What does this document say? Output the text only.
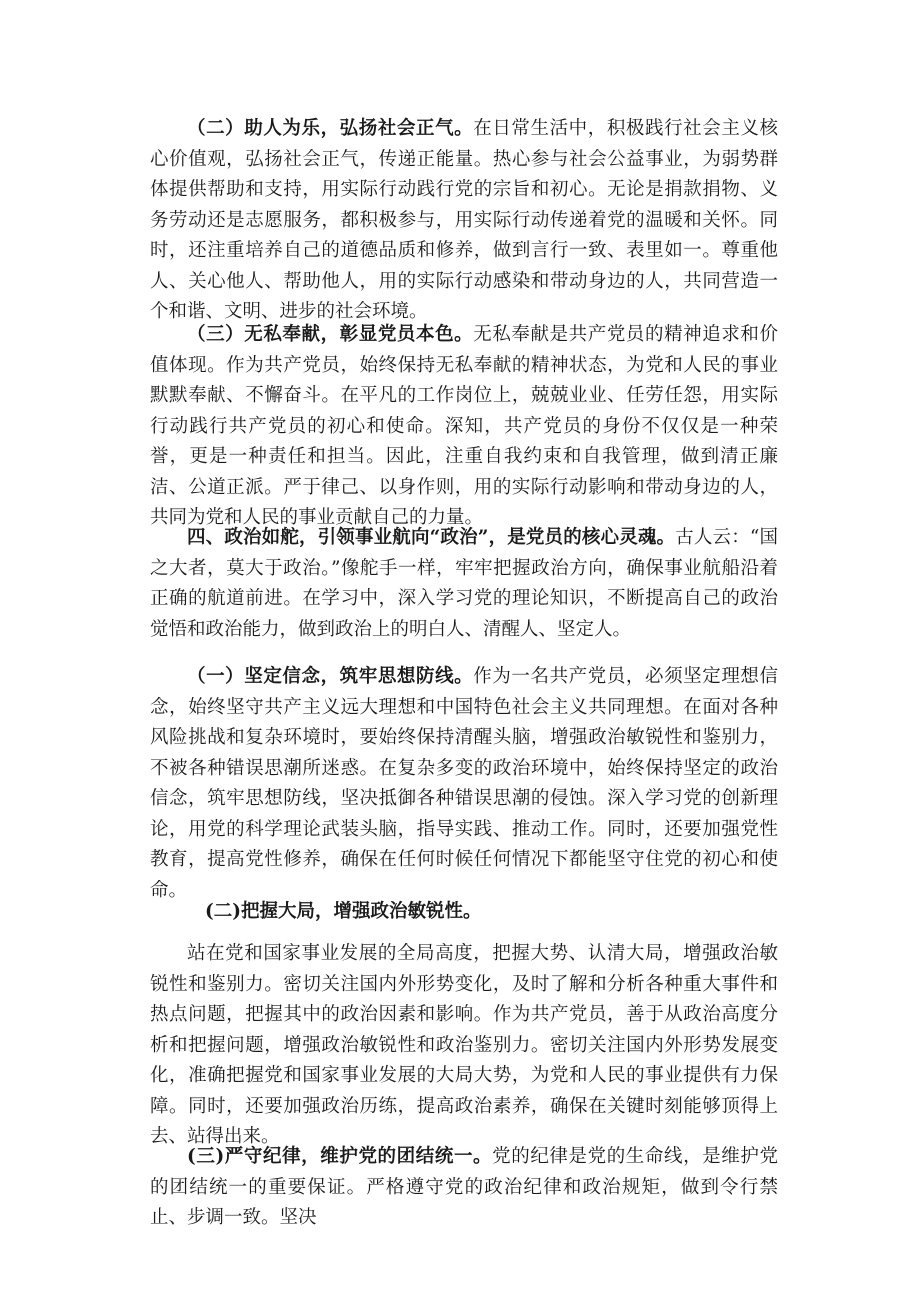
（二）助人为乐，弘扬社会正气。在日常生活中，积极践行社会主义核心价值观，弘扬社会正气，传递正能量。热心参与社会公益事业，为弱势群体提供帮助和支持，用实际行动践行党的宗旨和初心。无论是捐款捐物、义务劳动还是志愿服务，都积极参与，用实际行动传递着党的温暖和关怀。同时，还注重培养自己的道德品质和修养，做到言行一致、表里如一。尊重他人、关心他人、帮助他人，用的实际行动感染和带动身边的人，共同营造一个和谐、文明、进步的社会环境。

（三）无私奉献，彰显党员本色。无私奉献是共产党员的精神追求和价值体现。作为共产党员，始终保持无私奉献的精神状态，为党和人民的事业默默奉献、不懈奋斗。在平凡的工作岗位上，兢兢业业、任劳任怨，用实际行动践行共产党员的初心和使命。深知，共产党员的身份不仅仅是一种荣誉，更是一种责任和担当。因此，注重自我约束和自我管理，做到清正廉洁、公道正派。严于律己、以身作则，用的实际行动影响和带动身边的人，共同为党和人民的事业贡献自己的力量。

四、政治如舵，引领事业航向“政治”，是党员的核心灵魂。古人云：“国之大者，莫大于政治。”像舵手一样，牢牢把握政治方向，确保事业航船沿着正确的航道前进。在学习中，深入学习党的理论知识，不断提高自己的政治觉悟和政治能力，做到政治上的明白人、清醒人、坚定人。

（一）坚定信念，筑牢思想防线。作为一名共产党员，必须坚定理想信念，始终坚守共产主义远大理想和中国特色社会主义共同理想。在面对各种风险挑战和复杂环境时，要始终保持清醒头脑，增强政治敏锐性和鉴别力，不被各种错误思潮所迷惑。在复杂多变的政治环境中，始终保持坚定的政治信念，筑牢思想防线，坚决抵御各种错误思潮的侵蚀。深入学习党的创新理论，用党的科学理论武装头脑，指导实践、推动工作。同时，还要加强党性教育，提高党性修养，确保在任何时候任何情况下都能坚守住党的初心和使命。

(二)把握大局，增强政治敏锐性。

站在党和国家事业发展的全局高度，把握大势、认清大局，增强政治敏锐性和鉴别力。密切关注国内外形势变化，及时了解和分析各种重大事件和热点问题，把握其中的政治因素和影响。作为共产党员，善于从政治高度分析和把握问题，增强政治敏锐性和政治鉴别力。密切关注国内外形势发展变化，准确把握党和国家事业发展的大局大势，为党和人民的事业提供有力保障。同时，还要加强政治历练，提高政治素养，确保在关键时刻能够顶得上去、站得出来。

(三)严守纪律，维护党的团结统一。党的纪律是党的生命线，是维护党的团结统一的重要保证。严格遵守党的政治纪律和政治规矩，做到令行禁止、步调一致。坚决
